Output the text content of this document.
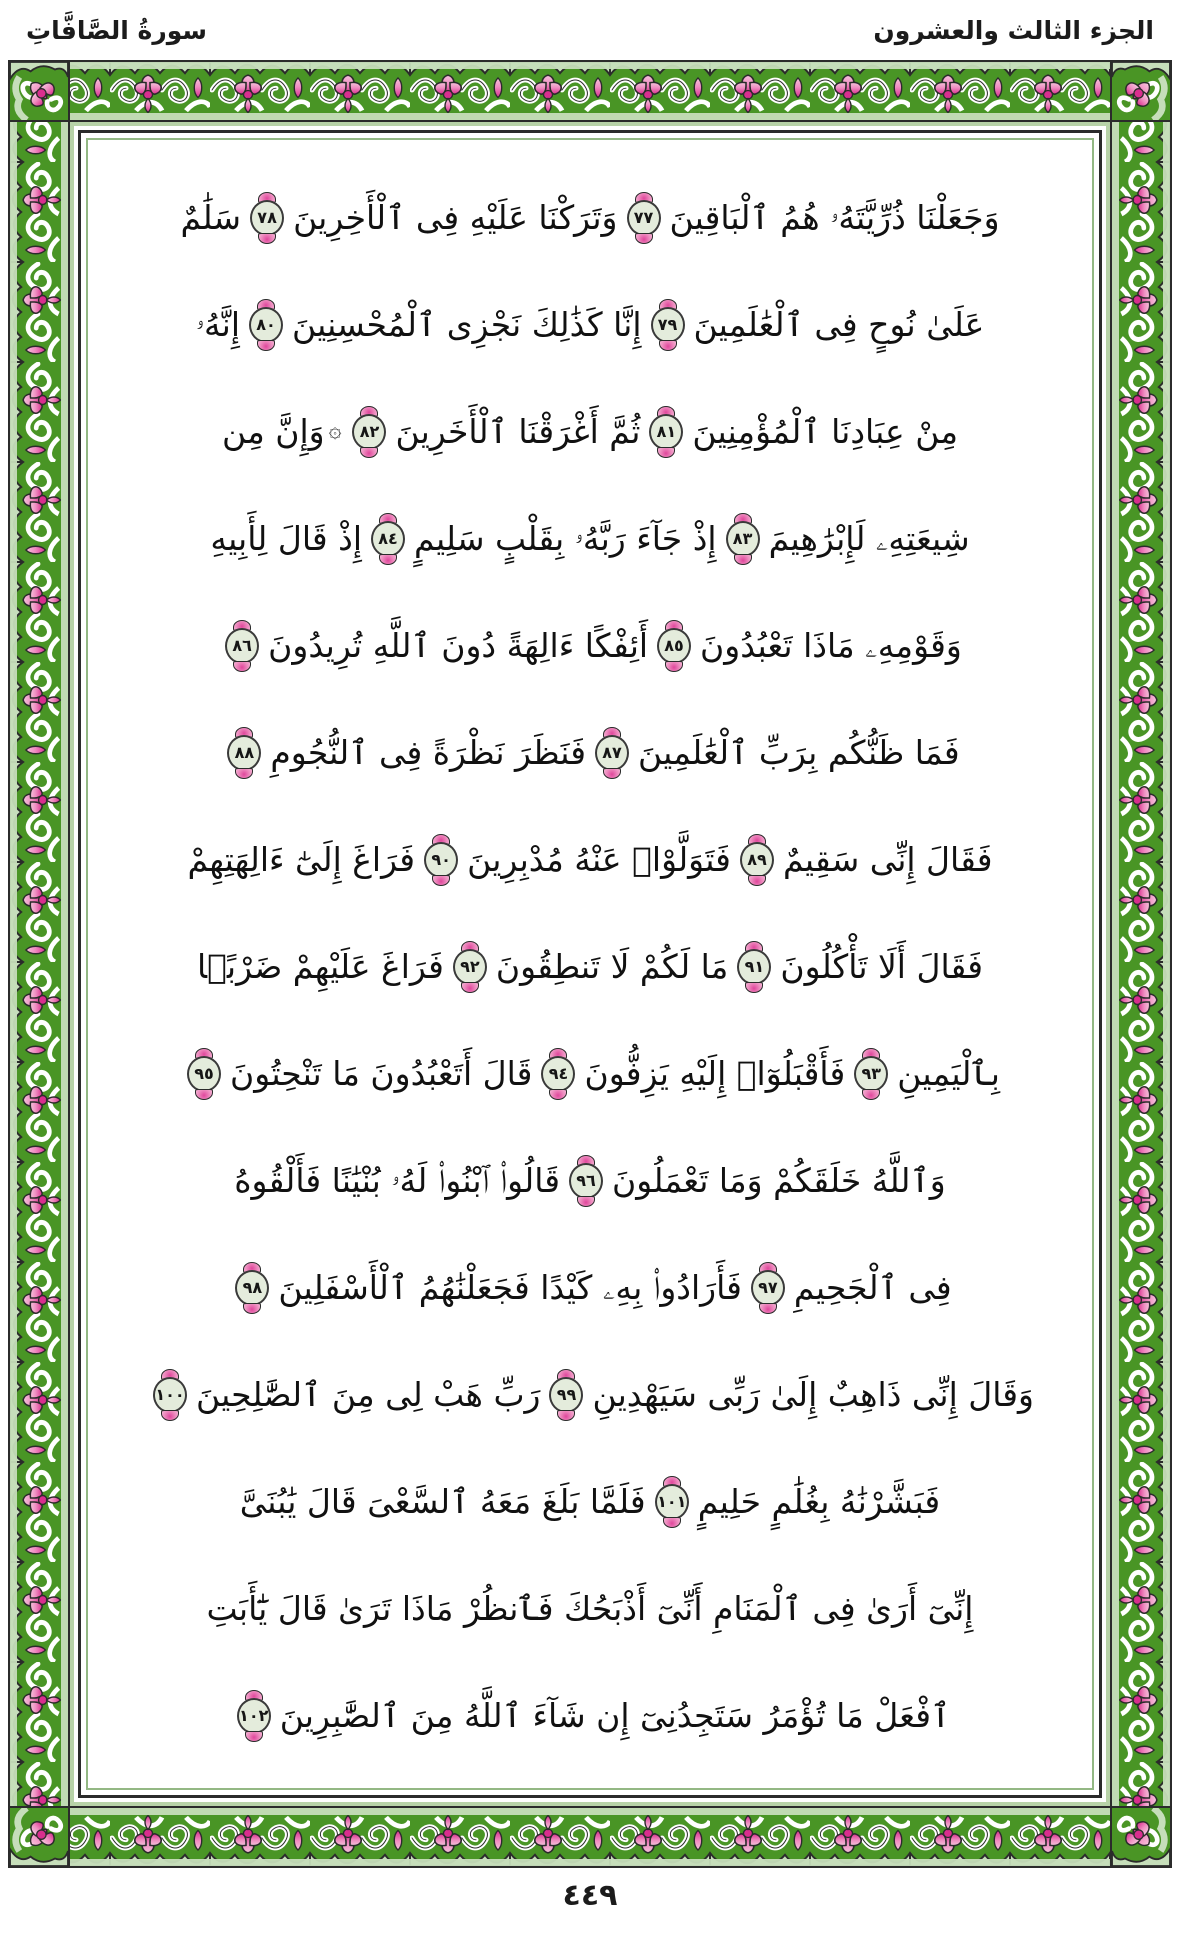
الجزء الثالث والعشرون
سورةُ الصَّافَّاتِ
وَجَعَلْنَا ذُرِّيَّتَهُۥ هُمُ ٱلْبَاقِينَ
٧٧
وَتَرَكْنَا عَلَيْهِ فِى ٱلْأَخِرِينَ
٧٨
سَلَٰمٌ
عَلَىٰ نُوحٍ فِى ٱلْعَٰلَمِينَ
٧٩
إِنَّا كَذَٰلِكَ نَجْزِى ٱلْمُحْسِنِينَ
٨٠
إِنَّهُۥ
مِنْ عِبَادِنَا ٱلْمُؤْمِنِينَ
٨١
ثُمَّ أَغْرَقْنَا ٱلْأَخَرِينَ
٨٢
۞
وَإِنَّ مِن
شِيعَتِهِۦ لَإِبْرَٰهِيمَ
٨٣
إِذْ جَآءَ رَبَّهُۥ بِقَلْبٍ سَلِيمٍ
٨٤
إِذْ قَالَ لِأَبِيهِ
وَقَوْمِهِۦ مَاذَا تَعْبُدُونَ
٨٥
أَئِفْكًا ءَالِهَةً دُونَ ٱللَّهِ تُرِيدُونَ
٨٦
فَمَا ظَنُّكُم بِرَبِّ ٱلْعَٰلَمِينَ
٨٧
فَنَظَرَ نَظْرَةً فِى ٱلنُّجُومِ
٨٨
فَقَالَ إِنِّى سَقِيمٌ
٨٩
فَتَوَلَّوْا۟ عَنْهُ مُدْبِرِينَ
٩٠
فَرَاغَ إِلَىٰٓ ءَالِهَتِهِمْ
فَقَالَ أَلَا تَأْكُلُونَ
٩١
مَا لَكُمْ لَا تَنطِقُونَ
٩٢
فَرَاغَ عَلَيْهِمْ ضَرْبًۢا
بِٱلْيَمِينِ
٩٣
فَأَقْبَلُوٓا۟ إِلَيْهِ يَزِفُّونَ
٩٤
قَالَ أَتَعْبُدُونَ مَا تَنْحِتُونَ
٩٥
وَٱللَّهُ خَلَقَكُمْ وَمَا تَعْمَلُونَ
٩٦
قَالُوا۟ ٱبْنُوا۟ لَهُۥ بُنْيَٰنًا فَأَلْقُوهُ
فِى ٱلْجَحِيمِ
٩٧
فَأَرَادُوا۟ بِهِۦ كَيْدًا فَجَعَلْنَٰهُمُ ٱلْأَسْفَلِينَ
٩٨
وَقَالَ إِنِّى ذَاهِبٌ إِلَىٰ رَبِّى سَيَهْدِينِ
٩٩
رَبِّ هَبْ لِى مِنَ ٱلصَّٰلِحِينَ
١٠٠
فَبَشَّرْنَٰهُ بِغُلَٰمٍ حَلِيمٍ
١٠١
فَلَمَّا بَلَغَ مَعَهُ ٱلسَّعْىَ قَالَ يَٰبُنَىَّ
إِنِّىٓ أَرَىٰ فِى ٱلْمَنَامِ أَنِّىٓ أَذْبَحُكَ فَٱنظُرْ مَاذَا تَرَىٰ قَالَ يَٰٓأَبَتِ
ٱفْعَلْ مَا تُؤْمَرُ سَتَجِدُنِىٓ إِن شَآءَ ٱللَّهُ مِنَ ٱلصَّٰبِرِينَ
١٠٢
٤٤٩
